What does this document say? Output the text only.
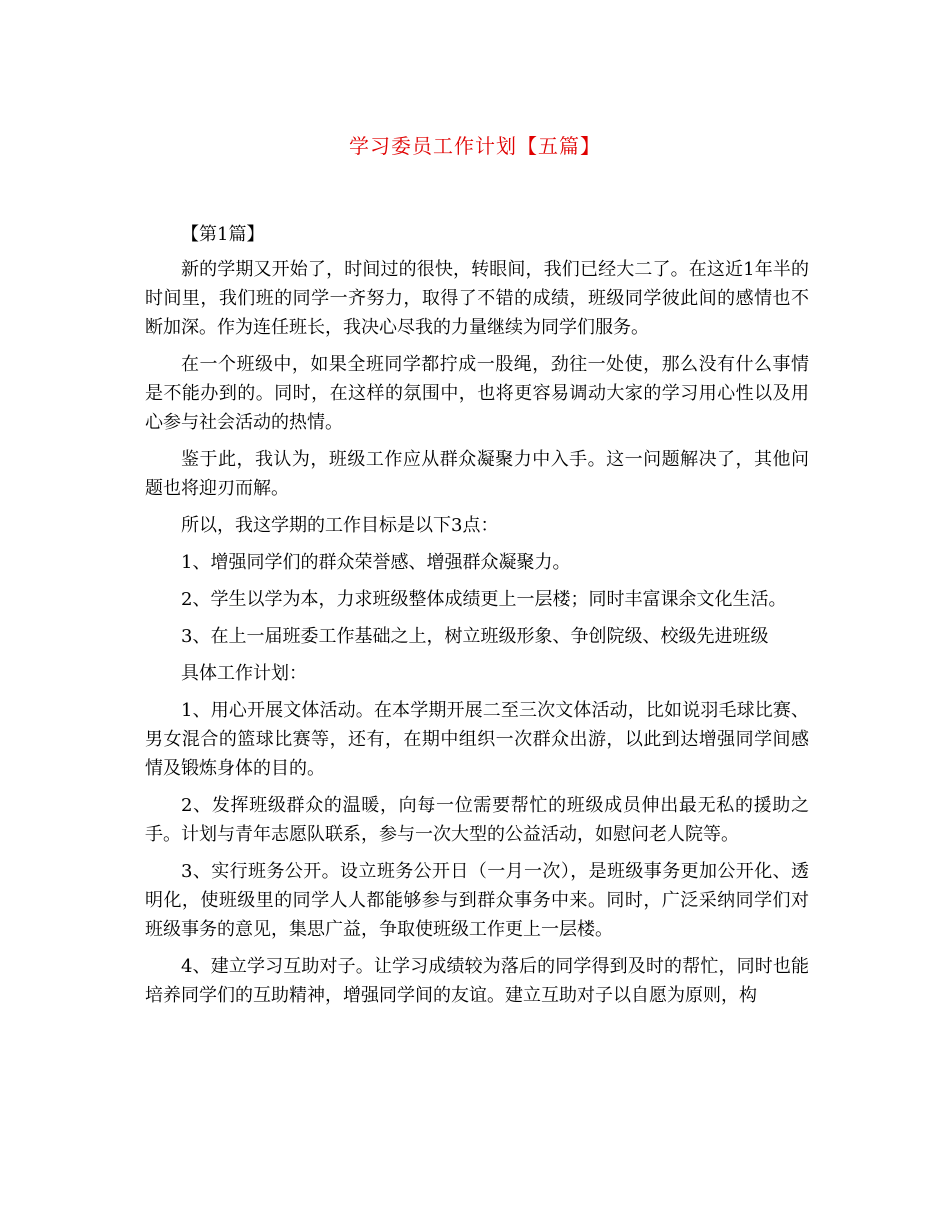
学习委员工作计划【五篇】

【第1篇】

新的学期又开始了，时间过的很快，转眼间，我们已经大二了。在这近1年半的时间里，我们班的同学一齐努力，取得了不错的成绩，班级同学彼此间的感情也不断加深。作为连任班长，我决心尽我的力量继续为同学们服务。

在一个班级中，如果全班同学都拧成一股绳，劲往一处使，那么没有什么事情是不能办到的。同时，在这样的氛围中，也将更容易调动大家的学习用心性以及用心参与社会活动的热情。

鉴于此，我认为，班级工作应从群众凝聚力中入手。这一问题解决了，其他问题也将迎刃而解。

所以，我这学期的工作目标是以下3点：

1、增强同学们的群众荣誉感、增强群众凝聚力。

2、学生以学为本，力求班级整体成绩更上一层楼；同时丰富课余文化生活。

3、在上一届班委工作基础之上，树立班级形象、争创院级、校级先进班级

具体工作计划：

1、用心开展文体活动。在本学期开展二至三次文体活动，比如说羽毛球比赛、男女混合的篮球比赛等，还有，在期中组织一次群众出游，以此到达增强同学间感情及锻炼身体的目的。

2、发挥班级群众的温暖，向每一位需要帮忙的班级成员伸出最无私的援助之手。计划与青年志愿队联系，参与一次大型的公益活动，如慰问老人院等。

3、实行班务公开。设立班务公开日（一月一次），是班级事务更加公开化、透明化，使班级里的同学人人都能够参与到群众事务中来。同时，广泛采纳同学们对班级事务的意见，集思广益，争取使班级工作更上一层楼。

4、建立学习互助对子。让学习成绩较为落后的同学得到及时的帮忙，同时也能培养同学们的互助精神，增强同学间的友谊。建立互助对子以自愿为原则，构
